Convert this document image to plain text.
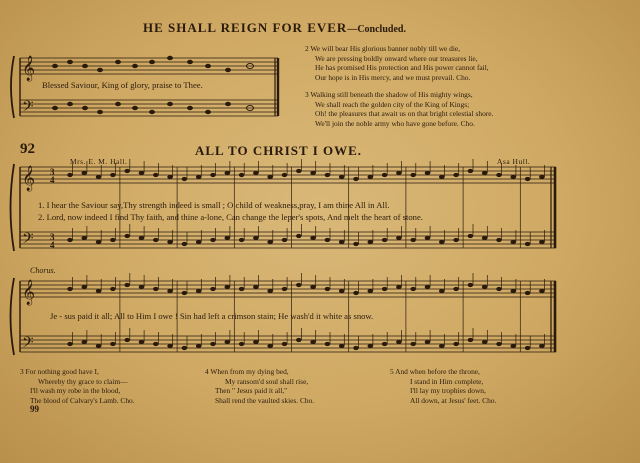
HE SHALL REIGN FOR EVER—Concluded.
𝄞
𝄢
𝄞
𝄢
3
4
3
4
𝄞
𝄢
Blessed Saviour, King of glory, praise to Thee.
2 We will bear His glorious banner nobly till we die,
We are pressing boldly onward where our treasures lie,
He has promised His protection and His power cannot fail,
Our hope is in His mercy, and we must prevail. Cho.
3 Walking still beneath the shadow of His mighty wings,
We shall reach the golden city of the King of Kings;
Oh! the pleasures that await us on that bright celestial shore.
We'll join the noble army who have gone before. Cho.
92	ALL TO CHRIST I OWE.
Mrs. E. M. Hall.	Asa Hull.
1. I hear the Saviour say,Thy strength indeed is small ; O child of weakness,pray, I am thine All in All.
2. Lord, now indeed I find Thy faith, and thine a-lone, Can change the leper's spots, And melt the heart of stone.
Chorus.
Je - sus paid it all; All to Him I owe ! Sin had left a crimson stain; He wash'd it white as snow.
3 For nothing good have I,
Whereby thy grace to claim—
I'll wash my robe in the blood,
The blood of Calvary's Lamb. Cho.
4 When from my dying bed,
My ransom'd soul shall rise,
Then " Jesus paid it all,"
Shall rend the vaulted skies. Cho.
5 And when before the throne,
I stand in Him complete,
I'll lay my trophies down,
All down, at Jesus' feet. Cho.
99
